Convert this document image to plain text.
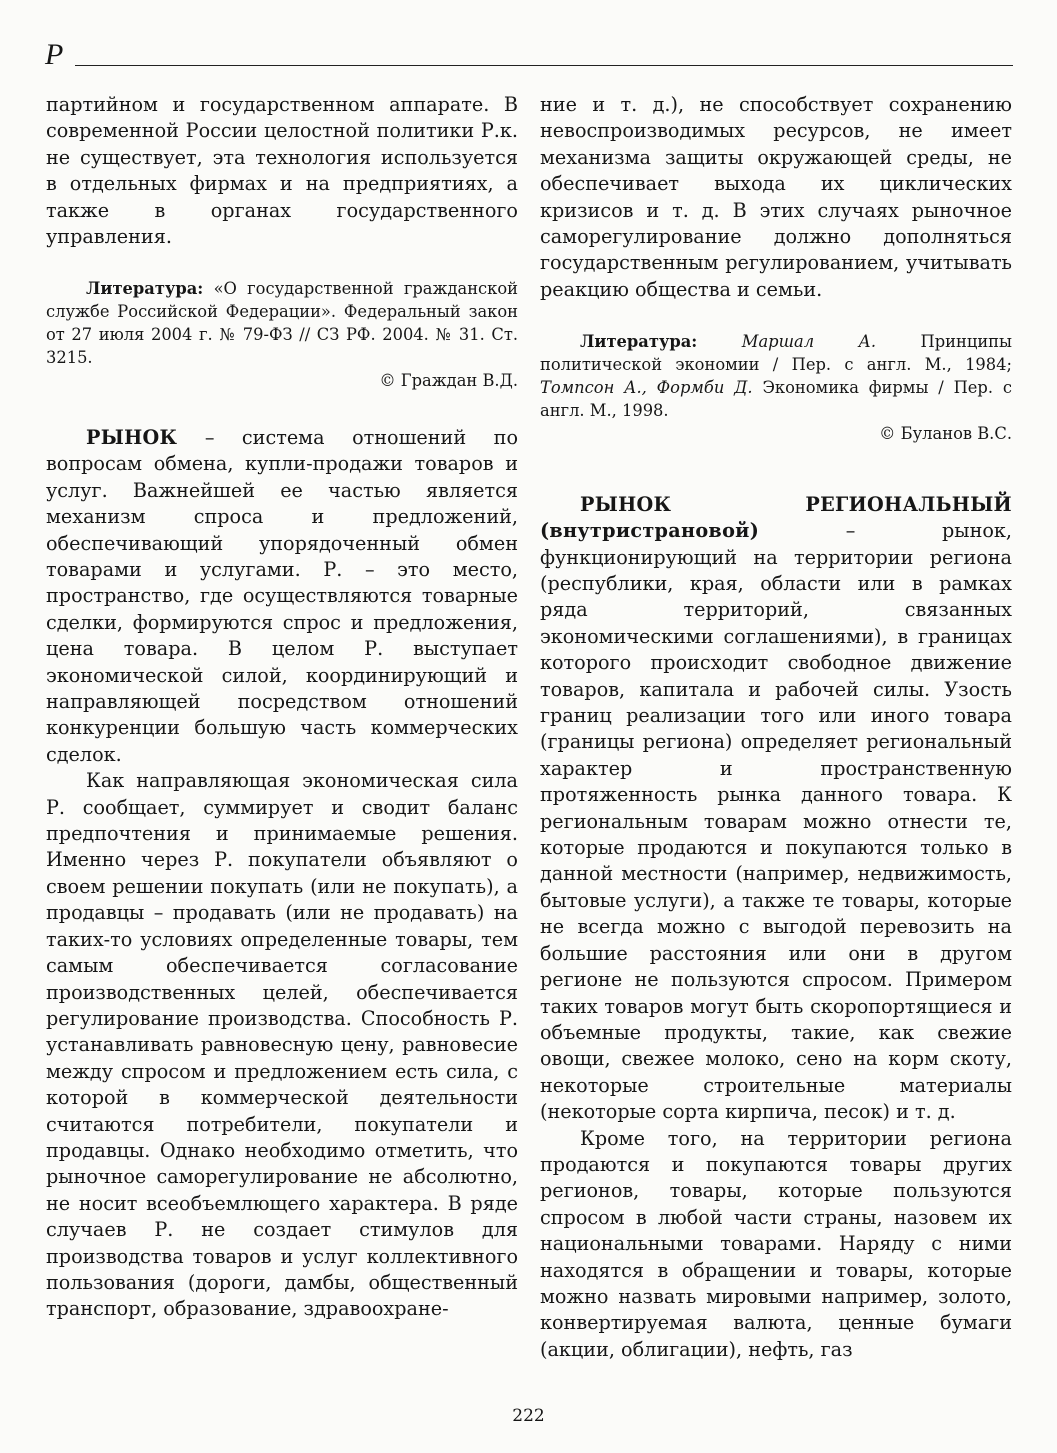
Р

партийном и государственном аппарате. В современной России целостной политики Р.к. не существует, эта технология используется в отдельных фирмах и на предприятиях, а также в органах государственного управления.

Литература: «О государственной гражданской службе Российской Федерации». Федеральный закон от 27 июля 2004 г. № 79-ФЗ // СЗ РФ. 2004. № 31. Ст. 3215.

© Граждан В.Д.

РЫНОК – система отношений по вопросам обмена, купли-продажи товаров и услуг. Важнейшей ее частью является механизм спроса и предложений, обеспечивающий упорядоченный обмен товарами и услугами. Р. – это место, пространство, где осуществляются товарные сделки, формируются спрос и предложения, цена товара. В целом Р. выступает экономической силой, координирующий и направляющей посредством отношений конкуренции большую часть коммерческих сделок.

Как направляющая экономическая сила Р. сообщает, суммирует и сводит баланс предпочтения и принимаемые решения. Именно через Р. покупатели объявляют о своем решении покупать (или не покупать), а продавцы – продавать (или не продавать) на таких-то условиях определенные товары, тем самым обеспечивается согласование производственных целей, обеспечивается регулирование производства. Способность Р. устанавливать равновесную цену, равновесие между спросом и предложением есть сила, с которой в коммерческой деятельности считаются потребители, покупатели и продавцы. Однако необходимо отметить, что рыночное саморегулирование не абсолютно, не носит всеобъемлющего характера. В ряде случаев Р. не создает стимулов для производства товаров и услуг коллективного пользования (дороги, дамбы, общественный транспорт, образование, здравоохране-

ние и т. д.), не способствует сохранению невоспроизводимых ресурсов, не имеет механизма защиты окружающей среды, не обеспечивает выхода их циклических кризисов и т. д. В этих случаях рыночное саморегулирование должно дополняться государственным регулированием, учитывать реакцию общества и семьи.

Литература:	Маршал А. Принципы политической экономии / Пер. с англ. М., 1984; Томпсон А., Формби Д. Экономика фирмы / Пер. с англ. М., 1998.

© Буланов В.С.

РЫНОК РЕГИОНАЛЬНЫЙ (внутристрановой) – рынок, функционирующий на территории региона (республики, края, области или в рамках ряда территорий, связанных экономическими соглашениями), в границах которого происходит свободное движение товаров, капитала и рабочей силы. Узость границ реализации того или иного товара (границы региона) определяет региональный характер и пространственную протяженность рынка данного товара. К региональным товарам можно отнести те, которые продаются и покупаются только в данной местности (например, недвижимость, бытовые услуги), а также те товары, которые не всегда можно с выгодой перевозить на большие расстояния или они в другом регионе не пользуются спросом. Примером таких товаров могут быть скоропортящиеся и объемные продукты, такие, как свежие овощи, свежее молоко, сено на корм скоту, некоторые строительные материалы (некоторые сорта кирпича, песок) и т. д.

Кроме того, на территории региона продаются и покупаются товары других регионов, товары, которые пользуются спросом в любой части страны, назовем их национальными товарами. Наряду с ними находятся в обращении и товары, которые можно назвать мировыми например, золото, конвертируемая валюта, ценные бумаги (акции, облигации), нефть, газ

222
